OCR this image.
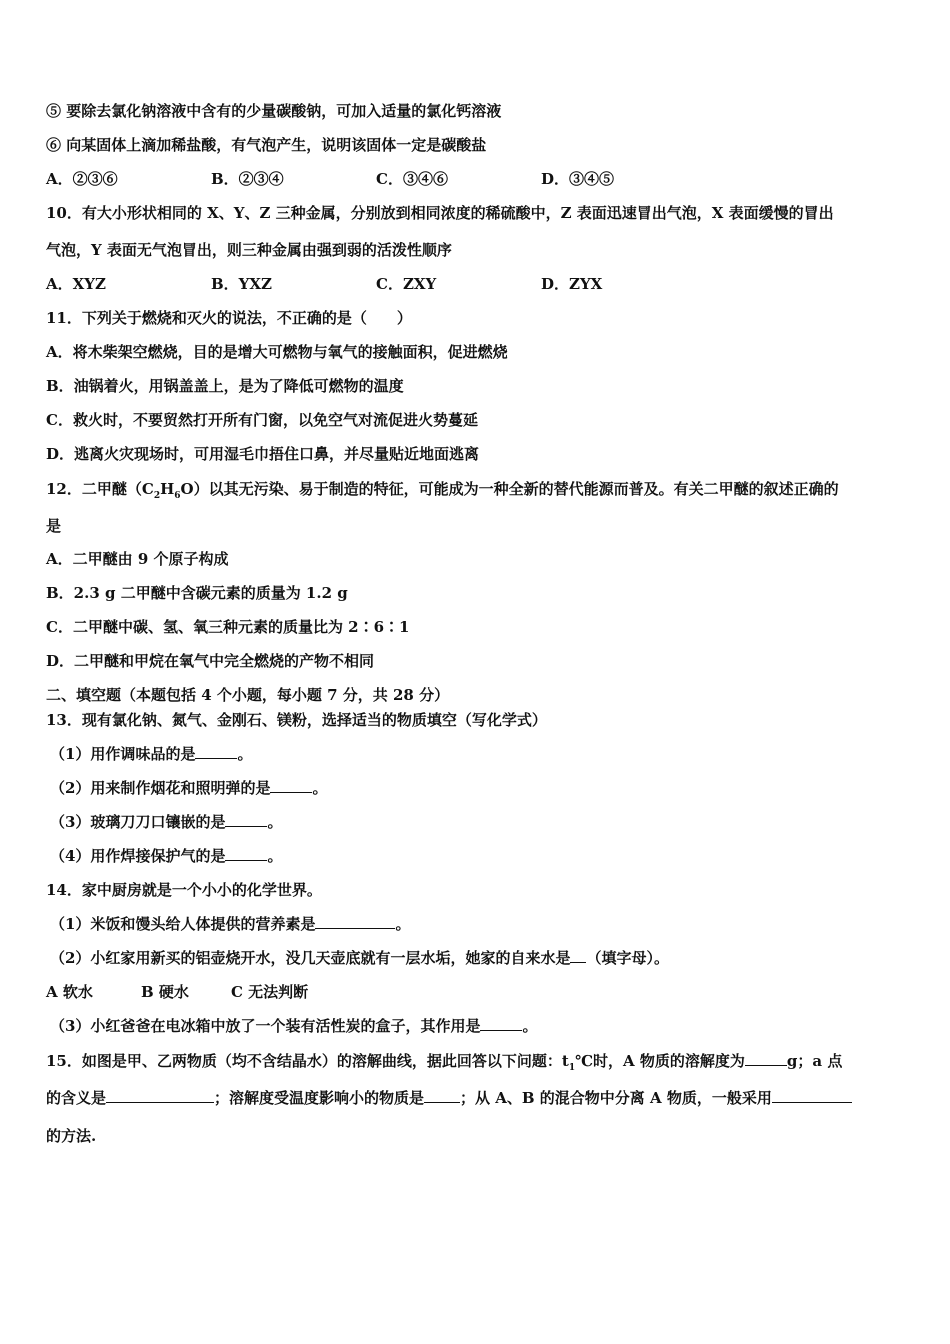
⑤ 要除去氯化钠溶液中含有的少量碳酸钠，可加入适量的氯化钙溶液
⑥ 向某固体上滴加稀盐酸，有气泡产生，说明该固体一定是碳酸盐
A．②③⑥	B．②③④	C．③④⑥	D．③④⑤
10．有大小形状相同的 X、Y、Z 三种金属，分别放到相同浓度的稀硫酸中，Z 表面迅速冒出气泡，X 表面缓慢的冒出
气泡，Y 表面无气泡冒出，则三种金属由强到弱的活泼性顺序
A．XYZ	B．YXZ	C．ZXY	D．ZYX
11．下列关于燃烧和灭火的说法，不正确的是（　　）
A．将木柴架空燃烧，目的是增大可燃物与氧气的接触面积，促进燃烧
B．油锅着火，用锅盖盖上，是为了降低可燃物的温度
C．救火时，不要贸然打开所有门窗，以免空气对流促进火势蔓延
D．逃离火灾现场时，可用湿毛巾捂住口鼻，并尽量贴近地面逃离
12．二甲醚$(C_2H_6O)$以其无污染、易于制造的特征，可能成为一种全新的替代能源而普及。有关二甲醚的叙述正确的
是
A．二甲醚由 9 个原子构成
B．2.3 g 二甲醚中含碳元素的质量为 1.2 g
C．二甲醚中碳、氢、氧三种元素的质量比为 2∶6∶1
D．二甲醚和甲烷在氧气中完全燃烧的产物不相同
二、填空题（本题包括 4 个小题，每小题 7 分，共 28 分）
13．现有氯化钠、氮气、金刚石、镁粉，选择适当的物质填空（写化学式）
（1）用作调味品的是	。
（2）用来制作烟花和照明弹的是	。
（3）玻璃刀刀口镶嵌的是	。
（4）用作焊接保护气的是	。
14．家中厨房就是一个小小的化学世界。
（1）米饭和馒头给人体提供的营养素是	。
（2）小红家用新买的铝壶烧开水，没几天壶底就有一层水垢，她家的自来水是 （填字母）。
A 软水	B 硬水	C 无法判断
（3）小红爸爸在电冰箱中放了一个装有活性炭的盒子，其作用是	。
15．如图是甲、乙两物质（均不含结晶水）的溶解曲线，据此回答以下问题：$t_1℃$时，A 物质的溶解度为	g；a 点
的含义是	；溶解度受温度影响小的物质是 ；从 A、B 的混合物中分离 A 物质，一般采用
的方法.
